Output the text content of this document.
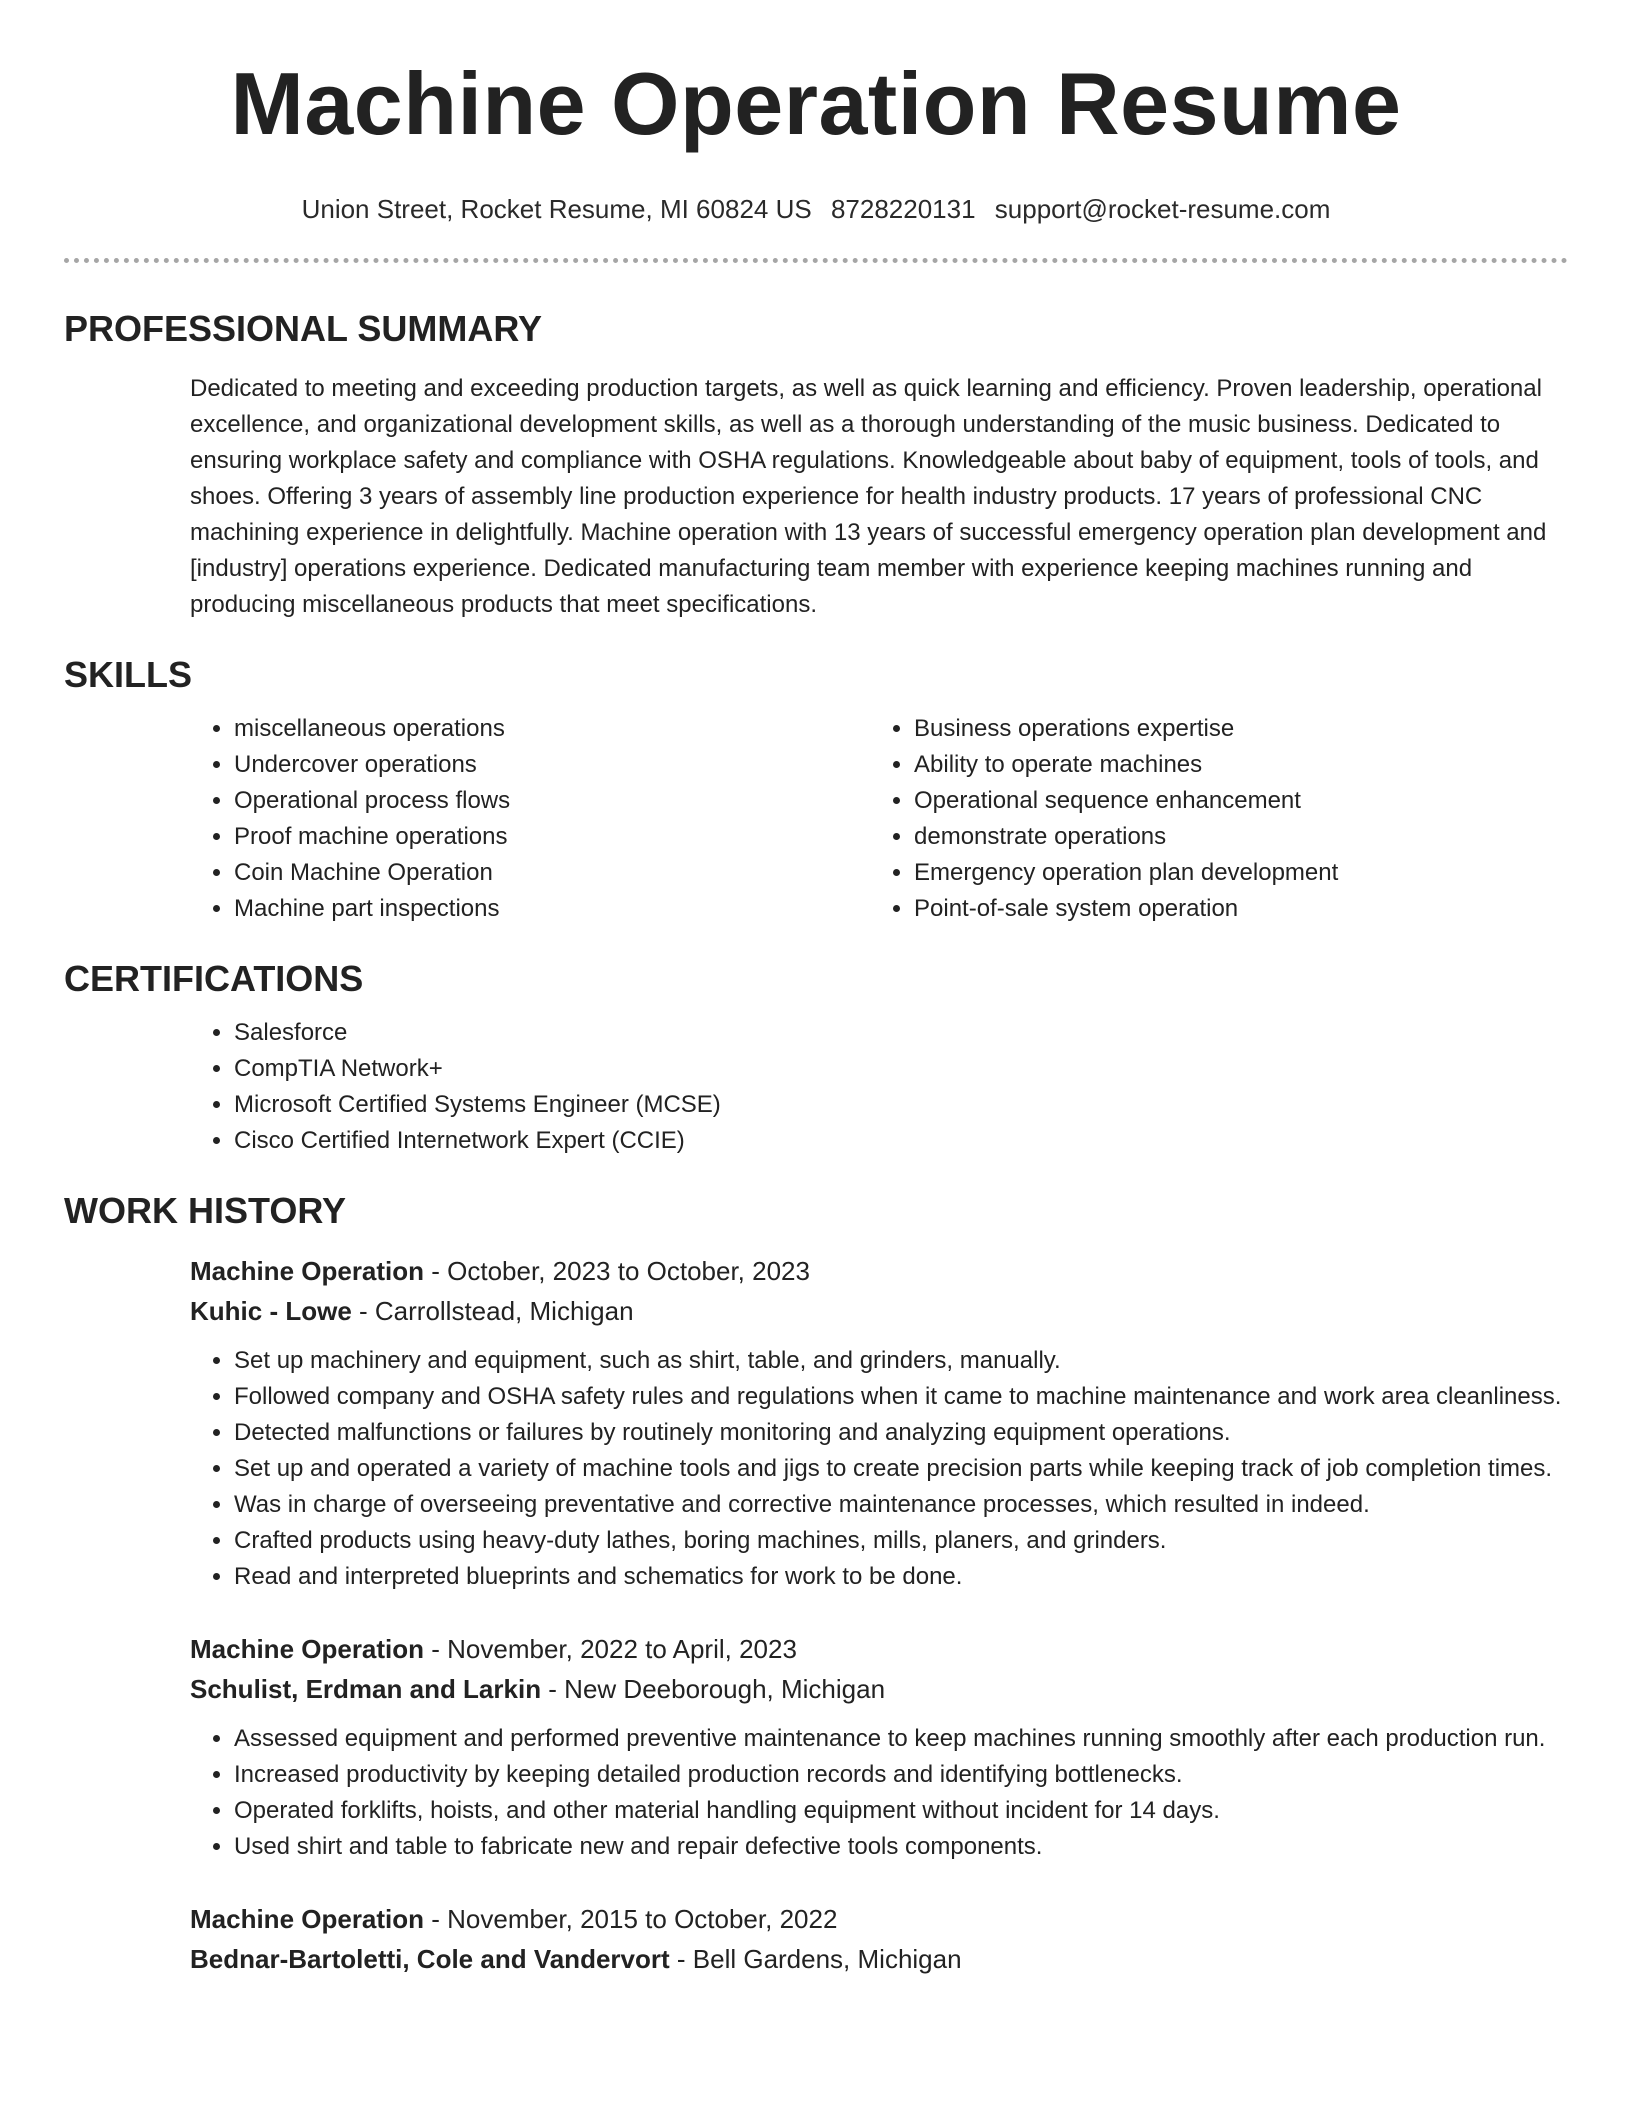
Machine Operation Resume
Union Street, Rocket Resume, MI 60824 US 8728220131 support@rocket-resume.com
PROFESSIONAL SUMMARY
Dedicated to meeting and exceeding production targets, as well as quick learning and efficiency. Proven leadership, operational excellence, and organizational development skills, as well as a thorough understanding of the music business. Dedicated to ensuring workplace safety and compliance with OSHA regulations. Knowledgeable about baby of equipment, tools of tools, and shoes. Offering 3 years of assembly line production experience for health industry products. 17 years of professional CNC machining experience in delightfully. Machine operation with 13 years of successful emergency operation plan development and [industry] operations experience. Dedicated manufacturing team member with experience keeping machines running and producing miscellaneous products that meet specifications.
SKILLS
• miscellaneous operations
• Undercover operations
• Operational process flows
• Proof machine operations
• Coin Machine Operation
• Machine part inspections
• Business operations expertise
• Ability to operate machines
• Operational sequence enhancement
• demonstrate operations
• Emergency operation plan development
• Point-of-sale system operation
CERTIFICATIONS
• Salesforce
• CompTIA Network+
• Microsoft Certified Systems Engineer (MCSE)
• Cisco Certified Internetwork Expert (CCIE)
WORK HISTORY
Machine Operation - October, 2023 to October, 2023
Kuhic - Lowe - Carrollstead, Michigan
• Set up machinery and equipment, such as shirt, table, and grinders, manually.
• Followed company and OSHA safety rules and regulations when it came to machine maintenance and work area cleanliness.
• Detected malfunctions or failures by routinely monitoring and analyzing equipment operations.
• Set up and operated a variety of machine tools and jigs to create precision parts while keeping track of job completion times.
• Was in charge of overseeing preventative and corrective maintenance processes, which resulted in indeed.
• Crafted products using heavy-duty lathes, boring machines, mills, planers, and grinders.
• Read and interpreted blueprints and schematics for work to be done.
Machine Operation - November, 2022 to April, 2023
Schulist, Erdman and Larkin - New Deeborough, Michigan
• Assessed equipment and performed preventive maintenance to keep machines running smoothly after each production run.
• Increased productivity by keeping detailed production records and identifying bottlenecks.
• Operated forklifts, hoists, and other material handling equipment without incident for 14 days.
• Used shirt and table to fabricate new and repair defective tools components.
Machine Operation - November, 2015 to October, 2022
Bednar-Bartoletti, Cole and Vandervort - Bell Gardens, Michigan
